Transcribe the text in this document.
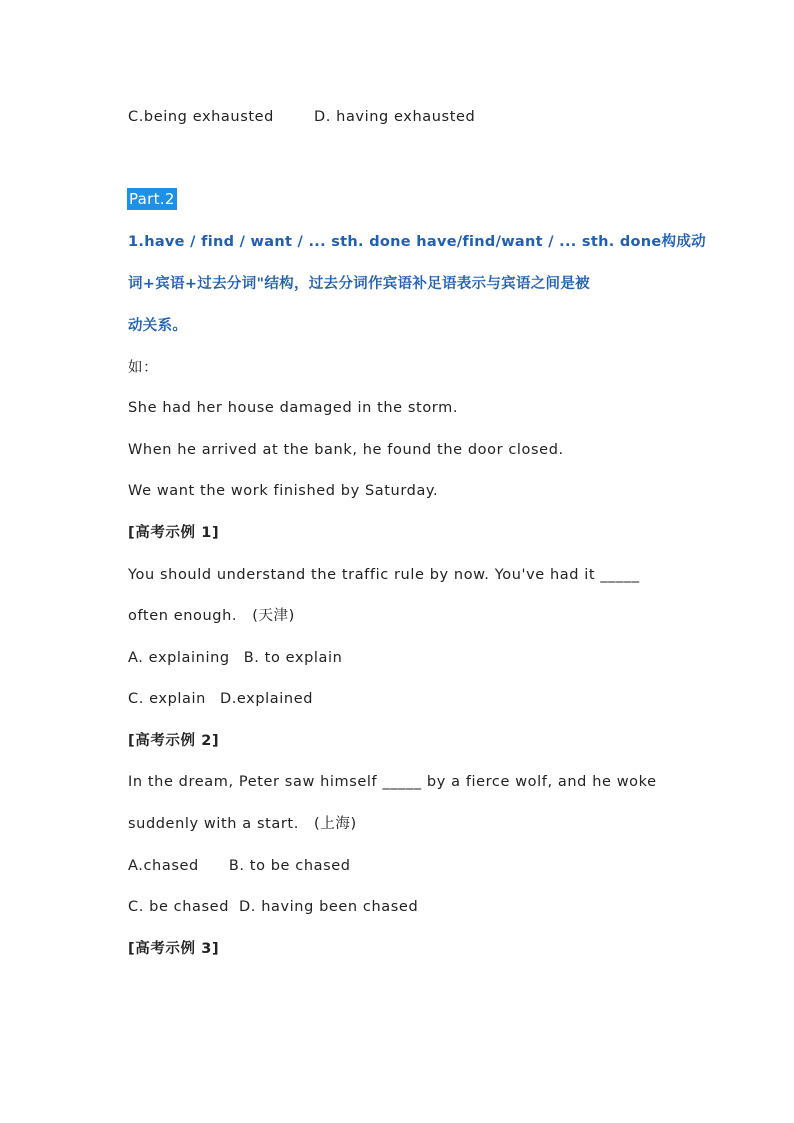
C.being exhausted	D. having exhausted
Part.2
1.have / find / want / ... sth. done have/find/want / ... sth. done构成动
词+宾语+过去分词"结构，过去分词作宾语补足语表示与宾语之间是被
动关系。
如：
She had her house damaged in the storm.
When he arrived at the bank, he found the door closed.
We want the work finished by Saturday.
[高考示例 1]
You should understand the traffic rule by now. You've had it _____
often enough.　(天津)
A. explaining B. to explain
C. explain D.explained
[高考示例 2]
In the dream, Peter saw himself _____ by a fierce wolf, and he woke
suddenly with a start.　(上海)
A.chased B. to be chased
C. be chased D. having been chased
[高考示例 3]
